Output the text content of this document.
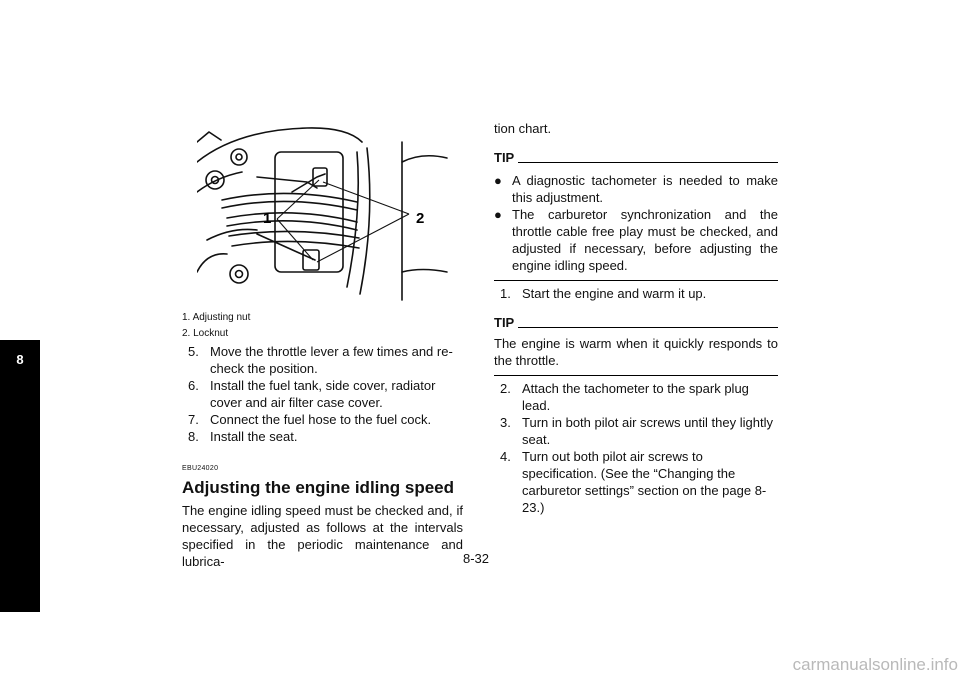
8
1	2
1. Adjusting nut
2. Locknut
5. Move the throttle lever a few times and re-check the position.
6. Install the fuel tank, side cover, radiator cover and air filter case cover.
7. Connect the fuel hose to the fuel cock.
8. Install the seat.
EBU24020
Adjusting the engine idling speed
The engine idling speed must be checked and, if necessary, adjusted as follows at the intervals specified in the periodic maintenance and lubrica-
tion chart.
TIP
● A diagnostic tachometer is needed to make this adjustment.
● The carburetor synchronization and the throttle cable free play must be checked, and adjusted if necessary, before adjusting the engine idling speed.
1. Start the engine and warm it up.
TIP
The engine is warm when it quickly responds to the throttle.
2. Attach the tachometer to the spark plug lead.
3. Turn in both pilot air screws until they lightly seat.
4. Turn out both pilot air screws to specification. (See the “Changing the carburetor settings” section on the page 8-23.)
8-32
carmanualsonline.info
